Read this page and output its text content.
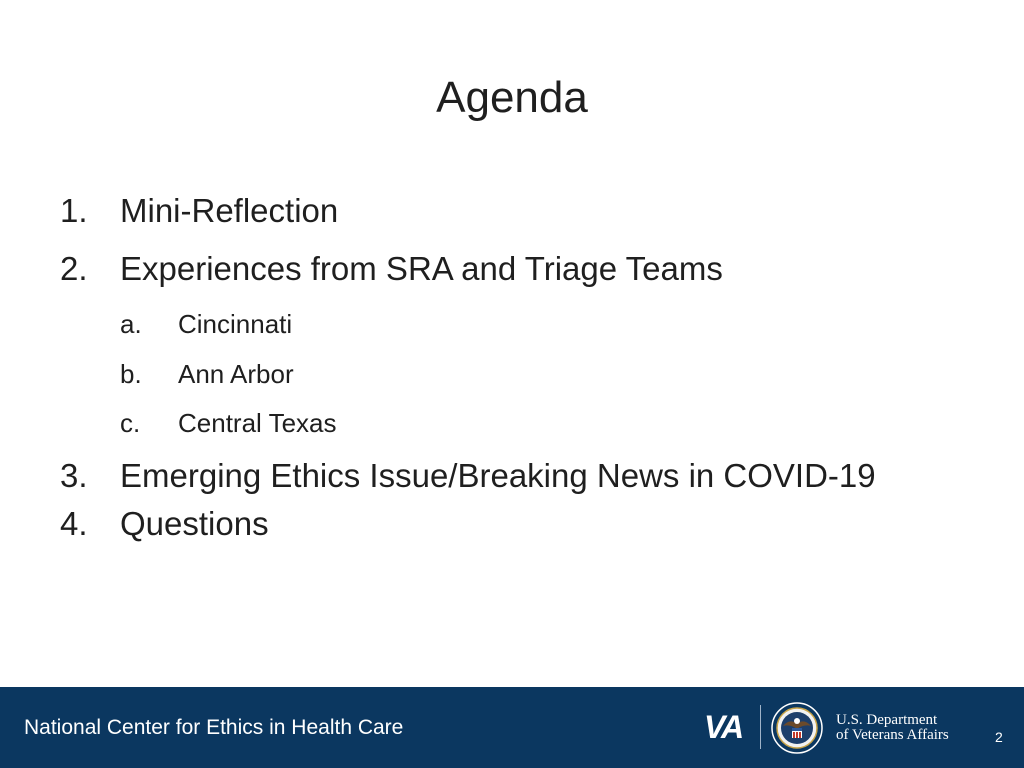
Agenda
1. Mini-Reflection
2. Experiences from SRA and Triage Teams
a. Cincinnati
b. Ann Arbor
c. Central Texas
3. Emerging Ethics Issue/Breaking News in COVID-19
4. Questions
National Center for Ethics in Health Care	VA	U.S. Department
of Veterans Affairs	2
